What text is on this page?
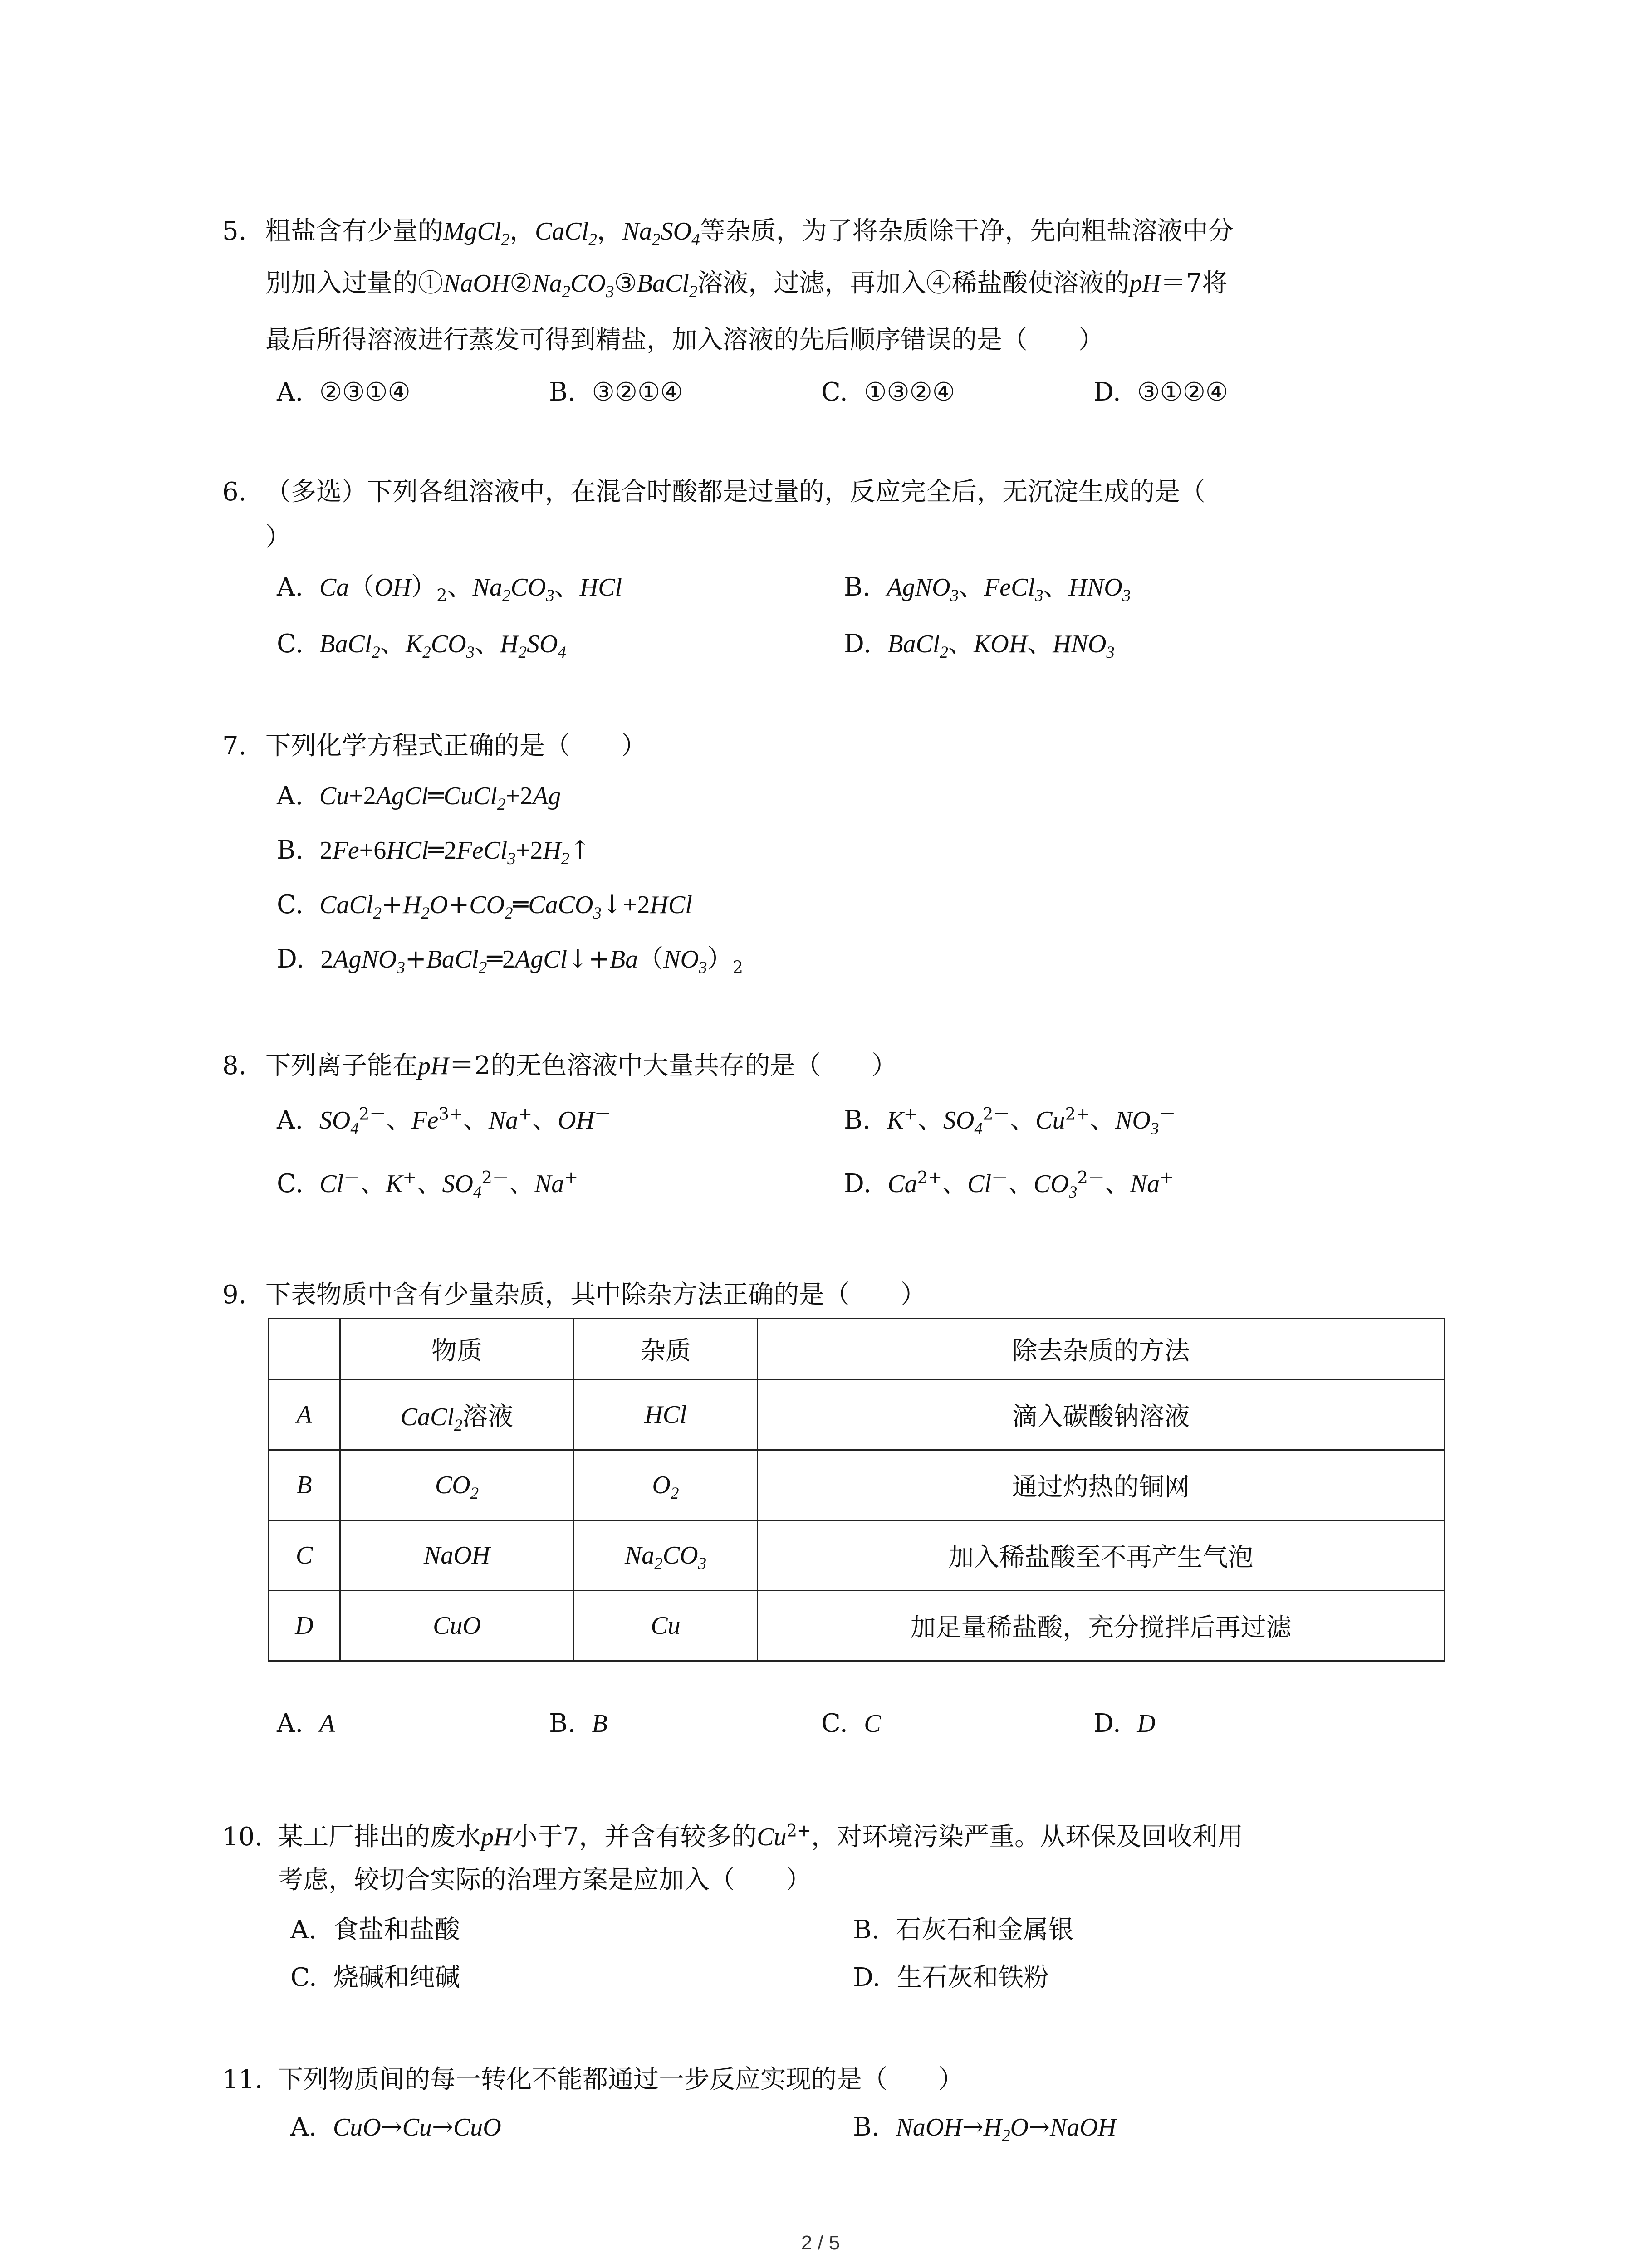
5. 粗盐含有少量的MgCl$_2$，CaCl$_2$，$Na_2SO_4$等杂质，为了将杂质除干净，先向粗盐溶液中分
别加入过量的$①NaOH②Na_2CO_3③BaCl_2$溶液，过滤，再加入④稀盐酸使溶液的pH＝7将
最后所得溶液进行蒸发可得到精盐，加入溶液的先后顺序错误的是（　　）
A. ②③①④	B. ③②①④	C. ①③②④	D. ③①②④
6. （多选）下列各组溶液中，在混合时酸都是过量的，反应完全后，无沉淀生成的是（
）
A. $Ca(OH)_2$、$Na_2CO_3$、HCl	B. AgNO$_3$、FeCl$_3$、$HNO_3$
C. BaCl$_2$、$K_2CO_3$、$H_2SO_4$	D. BaCl$_2$、KOH、$HNO_3$
7. 下列化学方程式正确的是（　　）
A. Cu+2AgCl═CuCl$_2$+2Ag
B. $2Fe+6HCl═2FeCl_3+2H_2↑$
C. $CaCl_2+H_2O+CO_2═CaCO_3↓+2HCl$
D. $2AgNO_3+BaCl_2═2AgCl↓+Ba(NO_3)_2$
8. 下列离子能在pH＝2的无色溶液中大量共存的是（　　）
A. $SO_4^{2-}$、$Fe^{3+}$、Na+、OH－	B. K+、$SO_4^{2-}$、$Cu^{2+}$、$NO_3^-$
C. Cl－、K+、$SO_4^{2-}$、Na+	D. $Ca^{2+}$、Cl－、$CO_3^{2-}$、Na+
9. 下表物质中含有少量杂质，其中除杂方法正确的是（　　）
	物质	杂质	除去杂质的方法
A	CaCl$_2$溶液	HCl	滴入碳酸钠溶液
B	$CO_2$	$O_2$	通过灼热的铜网
C	NaOH	$Na_2CO_3$	加入稀盐酸至不再产生气泡
D	CuO	Cu	加足量稀盐酸，充分搅拌后再过滤
A. A	B. B	C. C	D. D
10. 某工厂排出的废水pH小于7，并含有较多的$Cu^{2+}$，对环境污染严重。从环保及回收利用
考虑，较切合实际的治理方案是应加入（　　）
A. 食盐和盐酸	B. 石灰石和金属银
C. 烧碱和纯碱	D. 生石灰和铁粉
11. 下列物质间的每一转化不能都通过一步反应实现的是（　　）
A. CuO→Cu→CuO	B. $NaOH\to H_2O\to NaOH$
2 / 5
